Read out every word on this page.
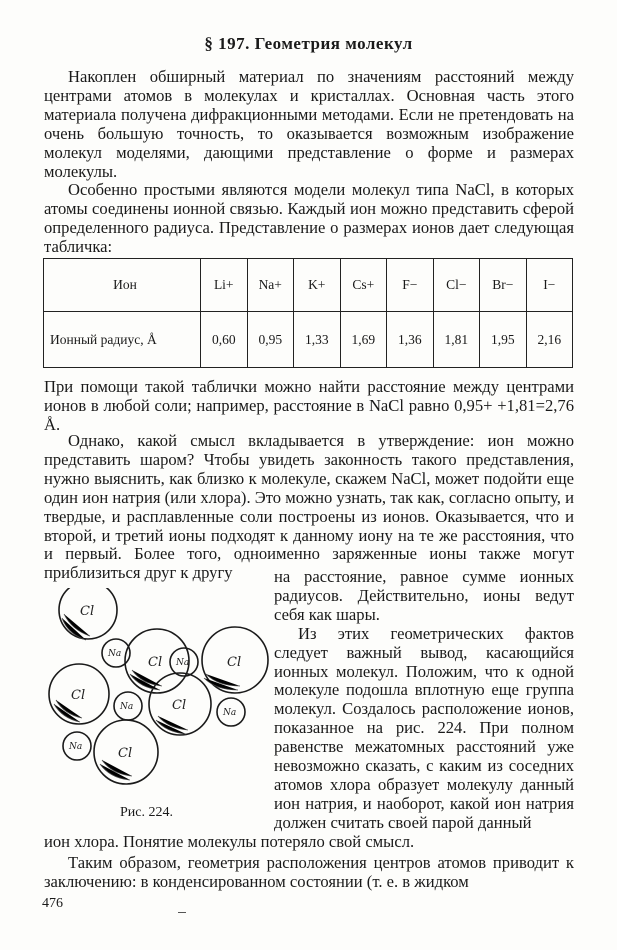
§ 197. Геометрия молекул

Накоплен обширный материал по значениям расстояний между центрами атомов в молекулах и кристаллах. Основная часть этого материала получена дифракционными методами. Если не претендовать на очень большую точность, то оказывается возможным изображение молекул моделями, дающими представление о форме и размерах молекулы.

Особенно простыми являются модели молекул типа NaCl, в которых атомы соединены ионной связью. Каждый ион можно представить сферой определенного радиуса. Представление о размерах ионов дает следующая табличка:

Ион	Li+	Na+	K+	Cs+	F−	Cl−	Br−	I−
Ионный радиус, Å	0,60	0,95	1,33	1,69	1,36	1,81	1,95	2,16

При помощи такой таблички можно найти расстояние между центрами ионов в любой соли; например, расстояние в NaCl равно 0,95+ +1,81=2,76 Å.

Однако, какой смысл вкладывается в утверждение: ион можно представить шаром? Чтобы увидеть законность такого представления, нужно выяснить, как близко к молекуле, скажем NaCl, может подойти еще один ион натрия (или хлора). Это можно узнать, так как, согласно опыту, и твердые, и расплавленные соли построены из ионов. Оказывается, что и второй, и третий ионы подходят к данному иону на те же расстояния, что и первый. Более того, одноименно заряженные ионы также могут приблизиться друг к другу

Cl
Cl	Cl
Cl
Cl
Cl
Na
Na
Na
Na
Na
Рис. 224.

на расстояние, равное сумме ионных радиусов. Действительно, ионы ведут себя как шары.

Из этих геометрических фактов следует важный вывод, касающийся ионных молекул. Положим, что к одной молекуле подошла вплотную еще группа молекул. Создалось расположение ионов, показанное на рис. 224. При полном равенстве межатомных расстояний уже невозможно сказать, с каким из соседних атомов хлора образует молекулу данный ион натрия, и наоборот, какой ион натрия должен считать своей парой данный

ион хлора. Понятие молекулы потеряло свой смысл.

Таким образом, геометрия расположения центров атомов приводит к заключению: в конденсированном состоянии (т. е. в жидком

476
